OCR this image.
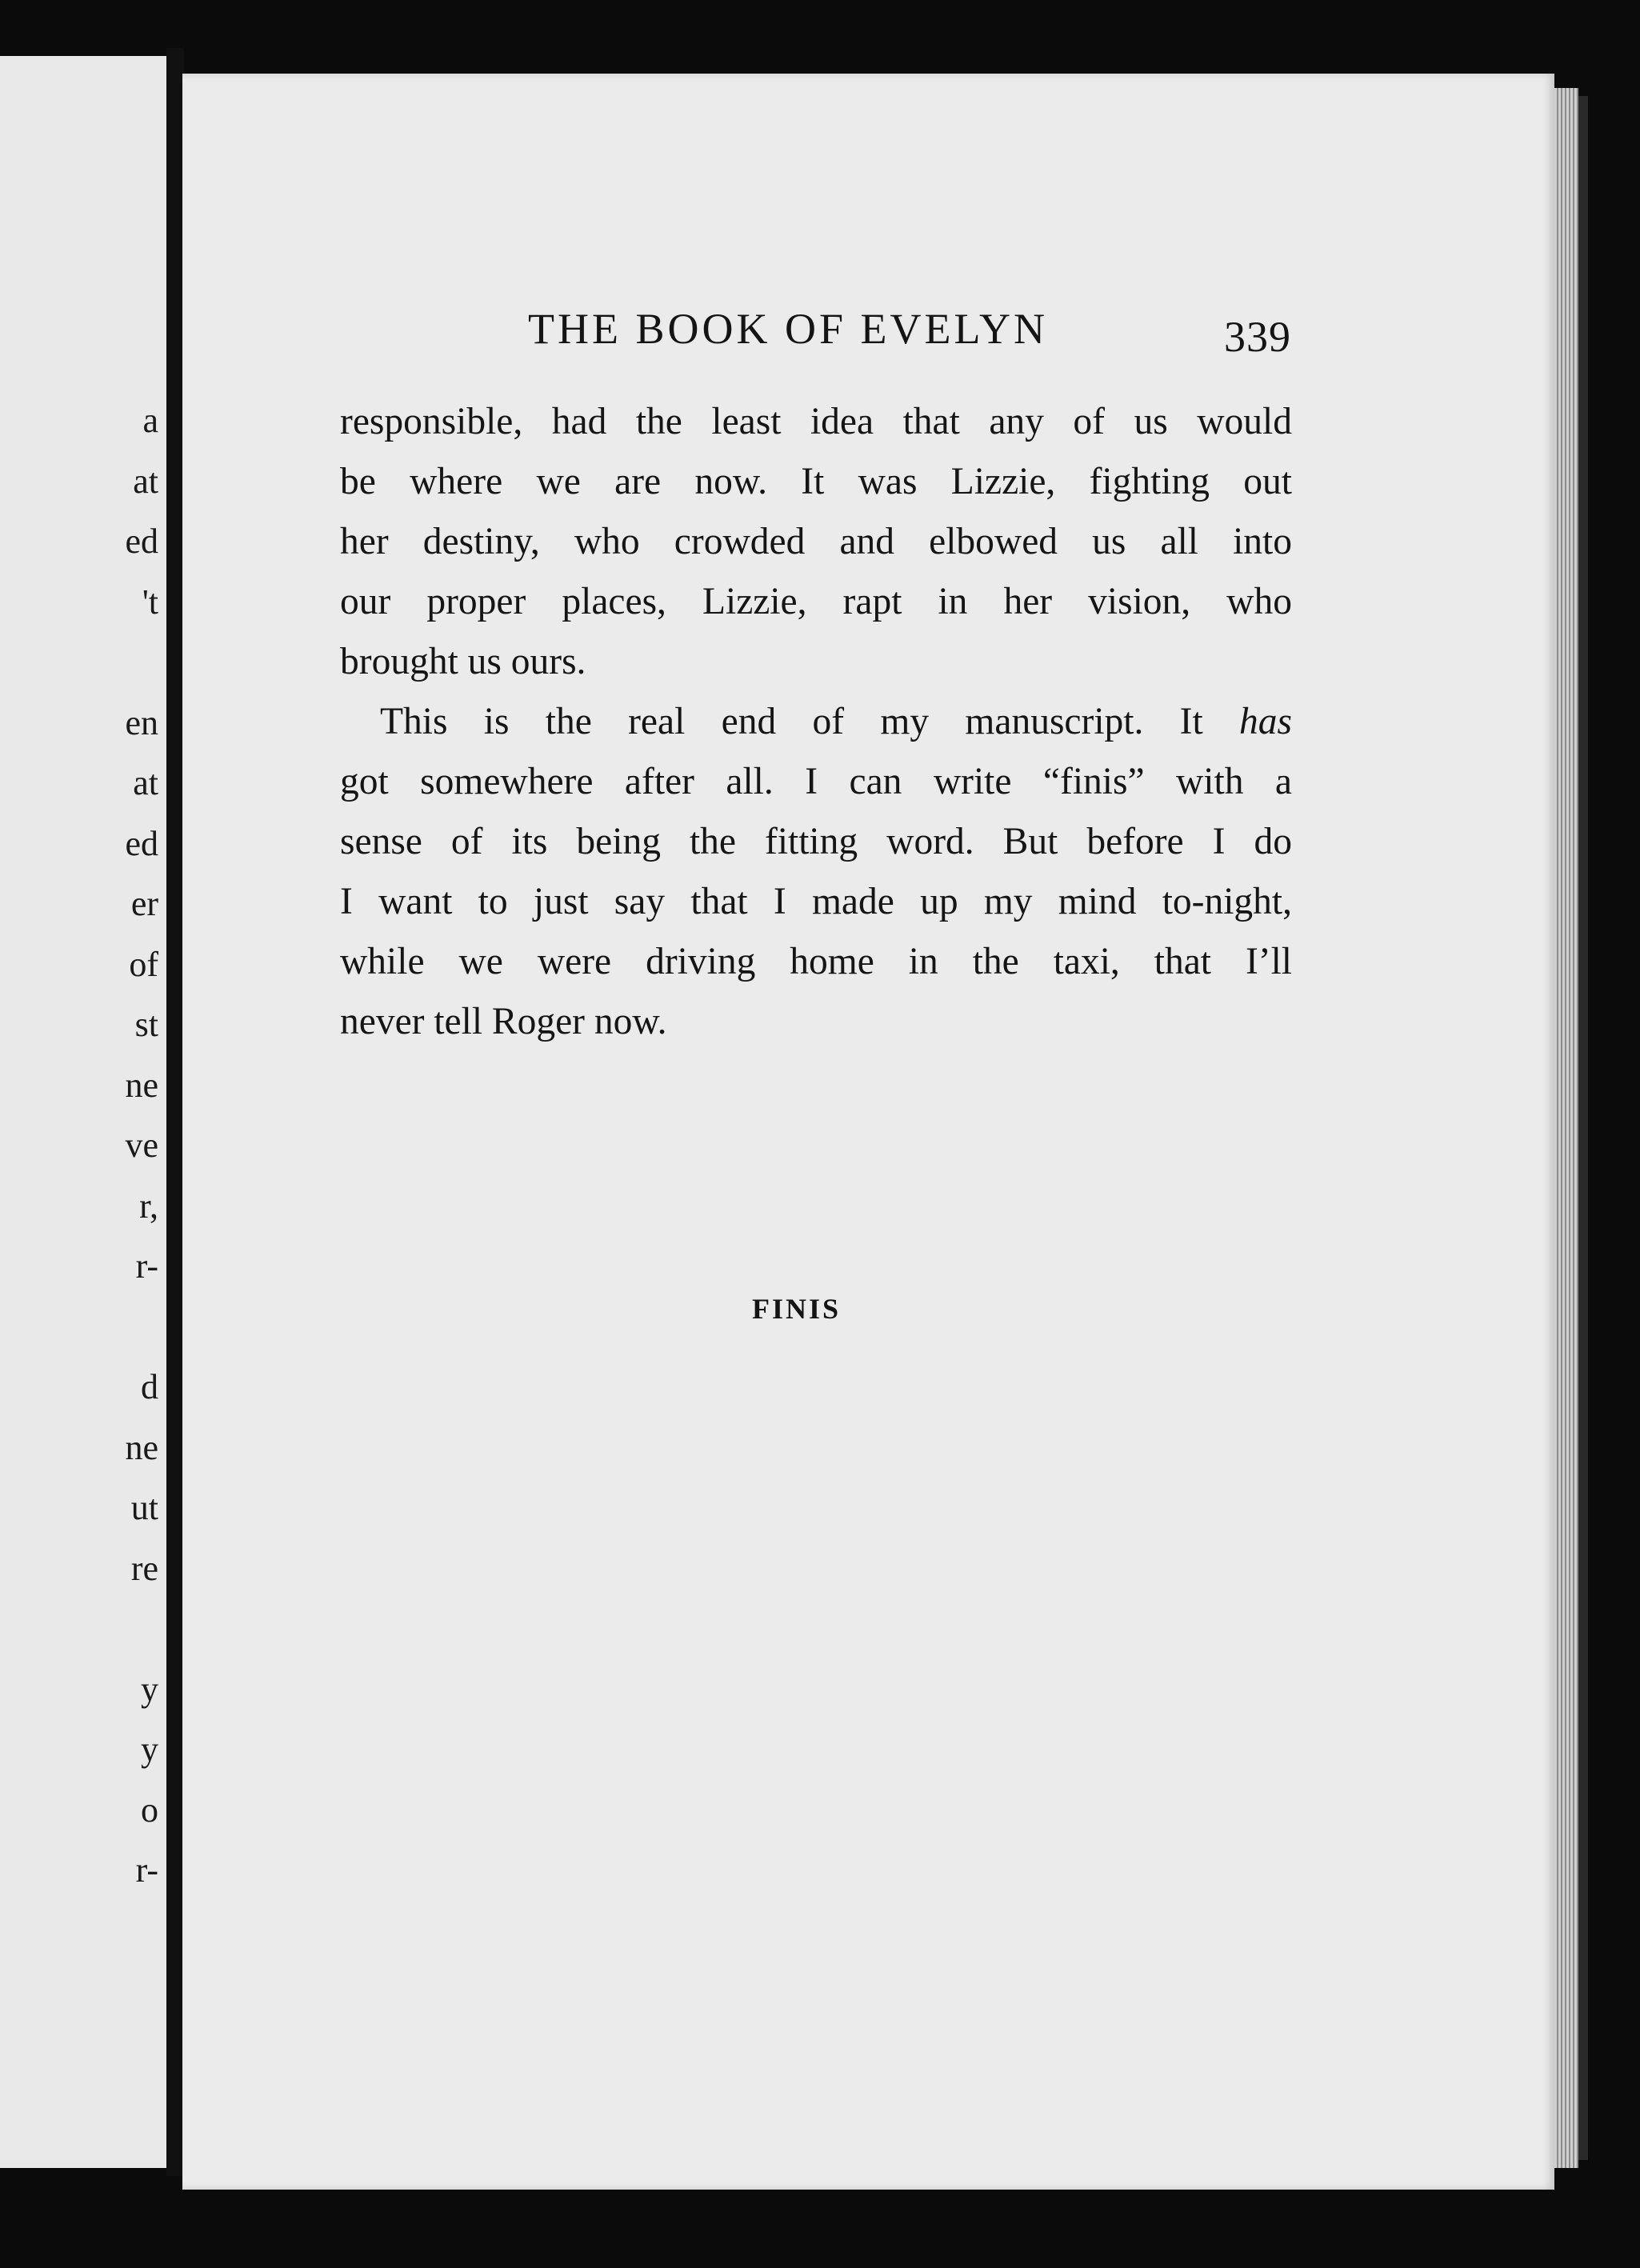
a
at
ed
't
en
at
ed
er
of
st
ne
ve
r,
r-
d
ne
ut
re
y
y
o
r-
THE BOOK OF EVELYN	339
responsible, had the least idea that any of us would
be where we are now. It was Lizzie, fighting out
her destiny, who crowded and elbowed us all into
our proper places, Lizzie, rapt in her vision, who
brought us ours.
This is the real end of my manuscript. It has
got somewhere after all. I can write “finis” with a
sense of its being the fitting word. But before I do
I want to just say that I made up my mind to-night,
while we were driving home in the taxi, that I’ll
never tell Roger now.
FINIS
